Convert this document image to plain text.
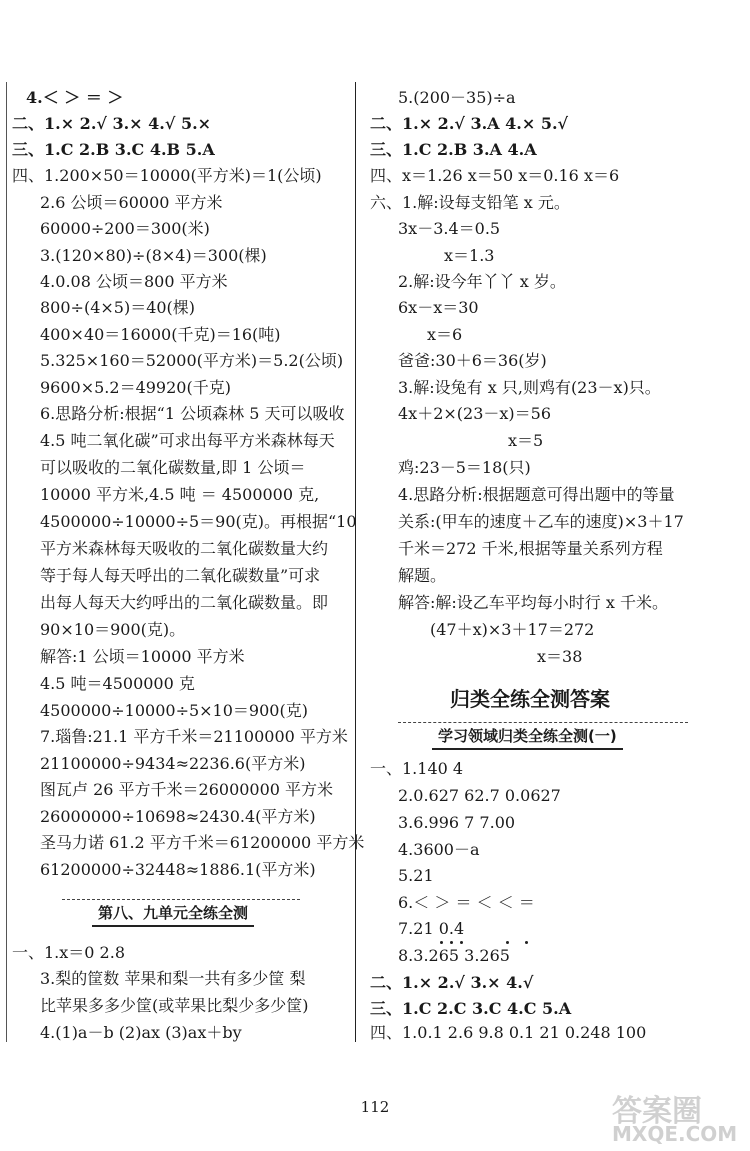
4.＜ ＞ ＝ ＞
二、1.× 2.√ 3.× 4.√ 5.×
三、1.C 2.B 3.C 4.B 5.A
四、1.200×50＝10000(平方米)＝1(公顷)
2.6 公顷＝60000 平方米
60000÷200＝300(米)
3.(120×80)÷(8×4)＝300(棵)
4.0.08 公顷＝800 平方米
800÷(4×5)＝40(棵)
400×40＝16000(千克)＝16(吨)
5.325×160＝52000(平方米)＝5.2(公顷)
9600×5.2＝49920(千克)
6.思路分析:根据“1 公顷森林 5 天可以吸收
4.5 吨二氧化碳”可求出每平方米森林每天
可以吸收的二氧化碳数量,即 1 公顷＝
10000 平方米,4.5 吨 ＝ 4500000 克,
4500000÷10000÷5＝90(克)。再根据“10
平方米森林每天吸收的二氧化碳数量大约
等于每人每天呼出的二氧化碳数量”可求
出每人每天大约呼出的二氧化碳数量。即
90×10＝900(克)。
解答:1 公顷＝10000 平方米
4.5 吨＝4500000 克
4500000÷10000÷5×10＝900(克)
7.瑙鲁:21.1 平方千米＝21100000 平方米
21100000÷9434≈2236.6(平方米)
图瓦卢 26 平方千米＝26000000 平方米
26000000÷10698≈2430.4(平方米)
圣马力诺 61.2 平方千米＝61200000 平方米
61200000÷32448≈1886.1(平方米)
第八、九单元全练全测
一、1.x＝0 2.8
3.梨的筐数 苹果和梨一共有多少筐 梨
比苹果多多少筐(或苹果比梨少多少筐)
4.(1)a－b (2)ax (3)ax＋by
5.(200－35)÷a
二、1.× 2.√ 3.A 4.× 5.√
三、1.C 2.B 3.A 4.A
四、x＝1.26 x＝50 x＝0.16 x＝6
六、1.解:设每支铅笔 x 元。
3x－3.4＝0.5
x＝1.3
2.解:设今年丫丫 x 岁。
6x－x＝30
x＝6
爸爸:30＋6＝36(岁)
3.解:设兔有 x 只,则鸡有(23－x)只。
4x＋2×(23－x)＝56
x＝5
鸡:23－5＝18(只)
4.思路分析:根据题意可得出题中的等量
关系:(甲车的速度＋乙车的速度)×3＋17
千米＝272 千米,根据等量关系列方程
解题。
解答:解:设乙车平均每小时行 x 千米。
(47＋x)×3＋17＝272
x＝38
归类全练全测答案
学习领域归类全练全测(一)
一、1.140 4
2.0.627 62.7 0.0627
3.6.996 7 7.00
4.3600－a
5.21
6.＜ ＞ ＝ ＜ ＜ ＝
7.21 0.4
8.3.265 3.265
二、1.× 2.√ 3.× 4.√
三、1.C 2.C 3.C 4.C 5.A
四、1.0.1 2.6 9.8 0.1 21 0.248 100
112	答案圈
MXQE.COM
